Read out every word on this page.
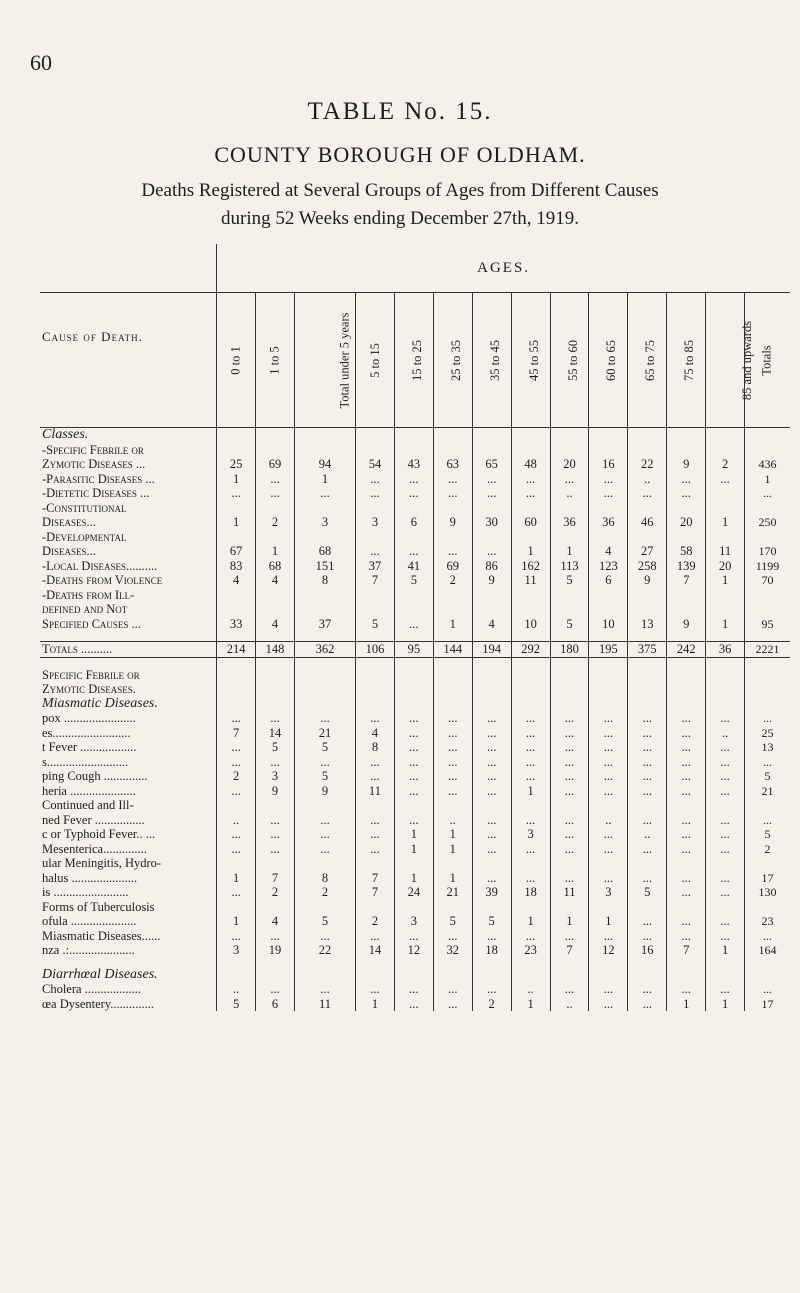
60
TABLE No. 15.
COUNTY BOROUGH OF OLDHAM.
Deaths Registered at Several Groups of Ages from Different Causes
during 52 Weeks ending December 27th, 1919.
	AGES.													
Cause of Death.	0 to 1	1 to 5	Total under 5 years	5 to 15	15 to 25	25 to 35	35 to 45	45 to 55	55 to 60	60 to 65	65 to 75	75 to 85	85 and upwards	Totals
Classes.														
-Specific Febrile or														
Zymotic Diseases ...	25	69	94	54	43	63	65	48	20	16	22	9	2	436
-Parasitic Diseases ...	1	...	1	...	...	...	...	...	...	...	..	...	...	1
-Dietetic Diseases ...	...	...	...	...	...	...	...	...	..	...	...	...		...
-Constitutional														
Diseases...	1	2	3	3	6	9	30	60	36	36	46	20	1	250
-Developmental														
Diseases...	67	1	68	...	...	...	...	1	1	4	27	58	11	170
-Local Diseases..........	83	68	151	37	41	69	86	162	113	123	258	139	20	1199
-Deaths from Violence	4	4	8	7	5	2	9	11	5	6	9	7	1	70
-Deaths from Ill-														
defined and Not														
Specified Causes ...	33	4	37	5	...	1	4	10	5	10	13	9	1	95

Totals ..........	214	148	362	106	95	144	194	292	180	195	375	242	36	2221

Specific Febrile or														
Zymotic Diseases.														
Miasmatic Diseases.														
pox .......................	...	...	...	...	...	...	...	...	...	...	...	...	...	...
es.........................	7	14	21	4	...	...	...	...	...	...	...	...	..	25
t Fever ..................	...	5	5	8	...	...	...	...	...	...	...	...	...	13
s..........................	...	...	...	...	...	...	...	...	...	...	...	...	...	...
ping Cough ..............	2	3	5	...	...	...	...	...	...	...	...	...	...	5
heria .....................	...	9	9	11	...	...	...	1	...	...	...	...	...	21
Continued and Ill-														
ned Fever ................	..	...	...	...	...	..	...	...	...	..	...	...	...	...
c or Typhoid Fever.. ...	...	...	...	...	1	1	...	3	...	...	..	...	...	5
Mesenterica..............	...	...	...	...	1	1	...	...	...	...	...	...	...	2
ular Meningitis, Hydro-														
halus .....................	1	7	8	7	1	1	...	...	...	...	...	...	...	17
is ........................	...	2	2	7	24	21	39	18	11	3	5	...	...	130
Forms of Tuberculosis														
ofula .....................	1	4	5	2	3	5	5	1	1	1	...	...	...	23
Miasmatic Diseases......	...	...	...	...	...	...	...	...	...	...	...	...	...	...
nza .:.....................	3	19	22	14	12	32	18	23	7	12	16	7	1	164

Diarrhœal Diseases.														
Cholera ..................	..	...	...	...	...	...	...	..	...	...	...	...	...	...
œa Dysentery..............	5	6	11	1	...	...	2	1	..	...	...	1	1	17
